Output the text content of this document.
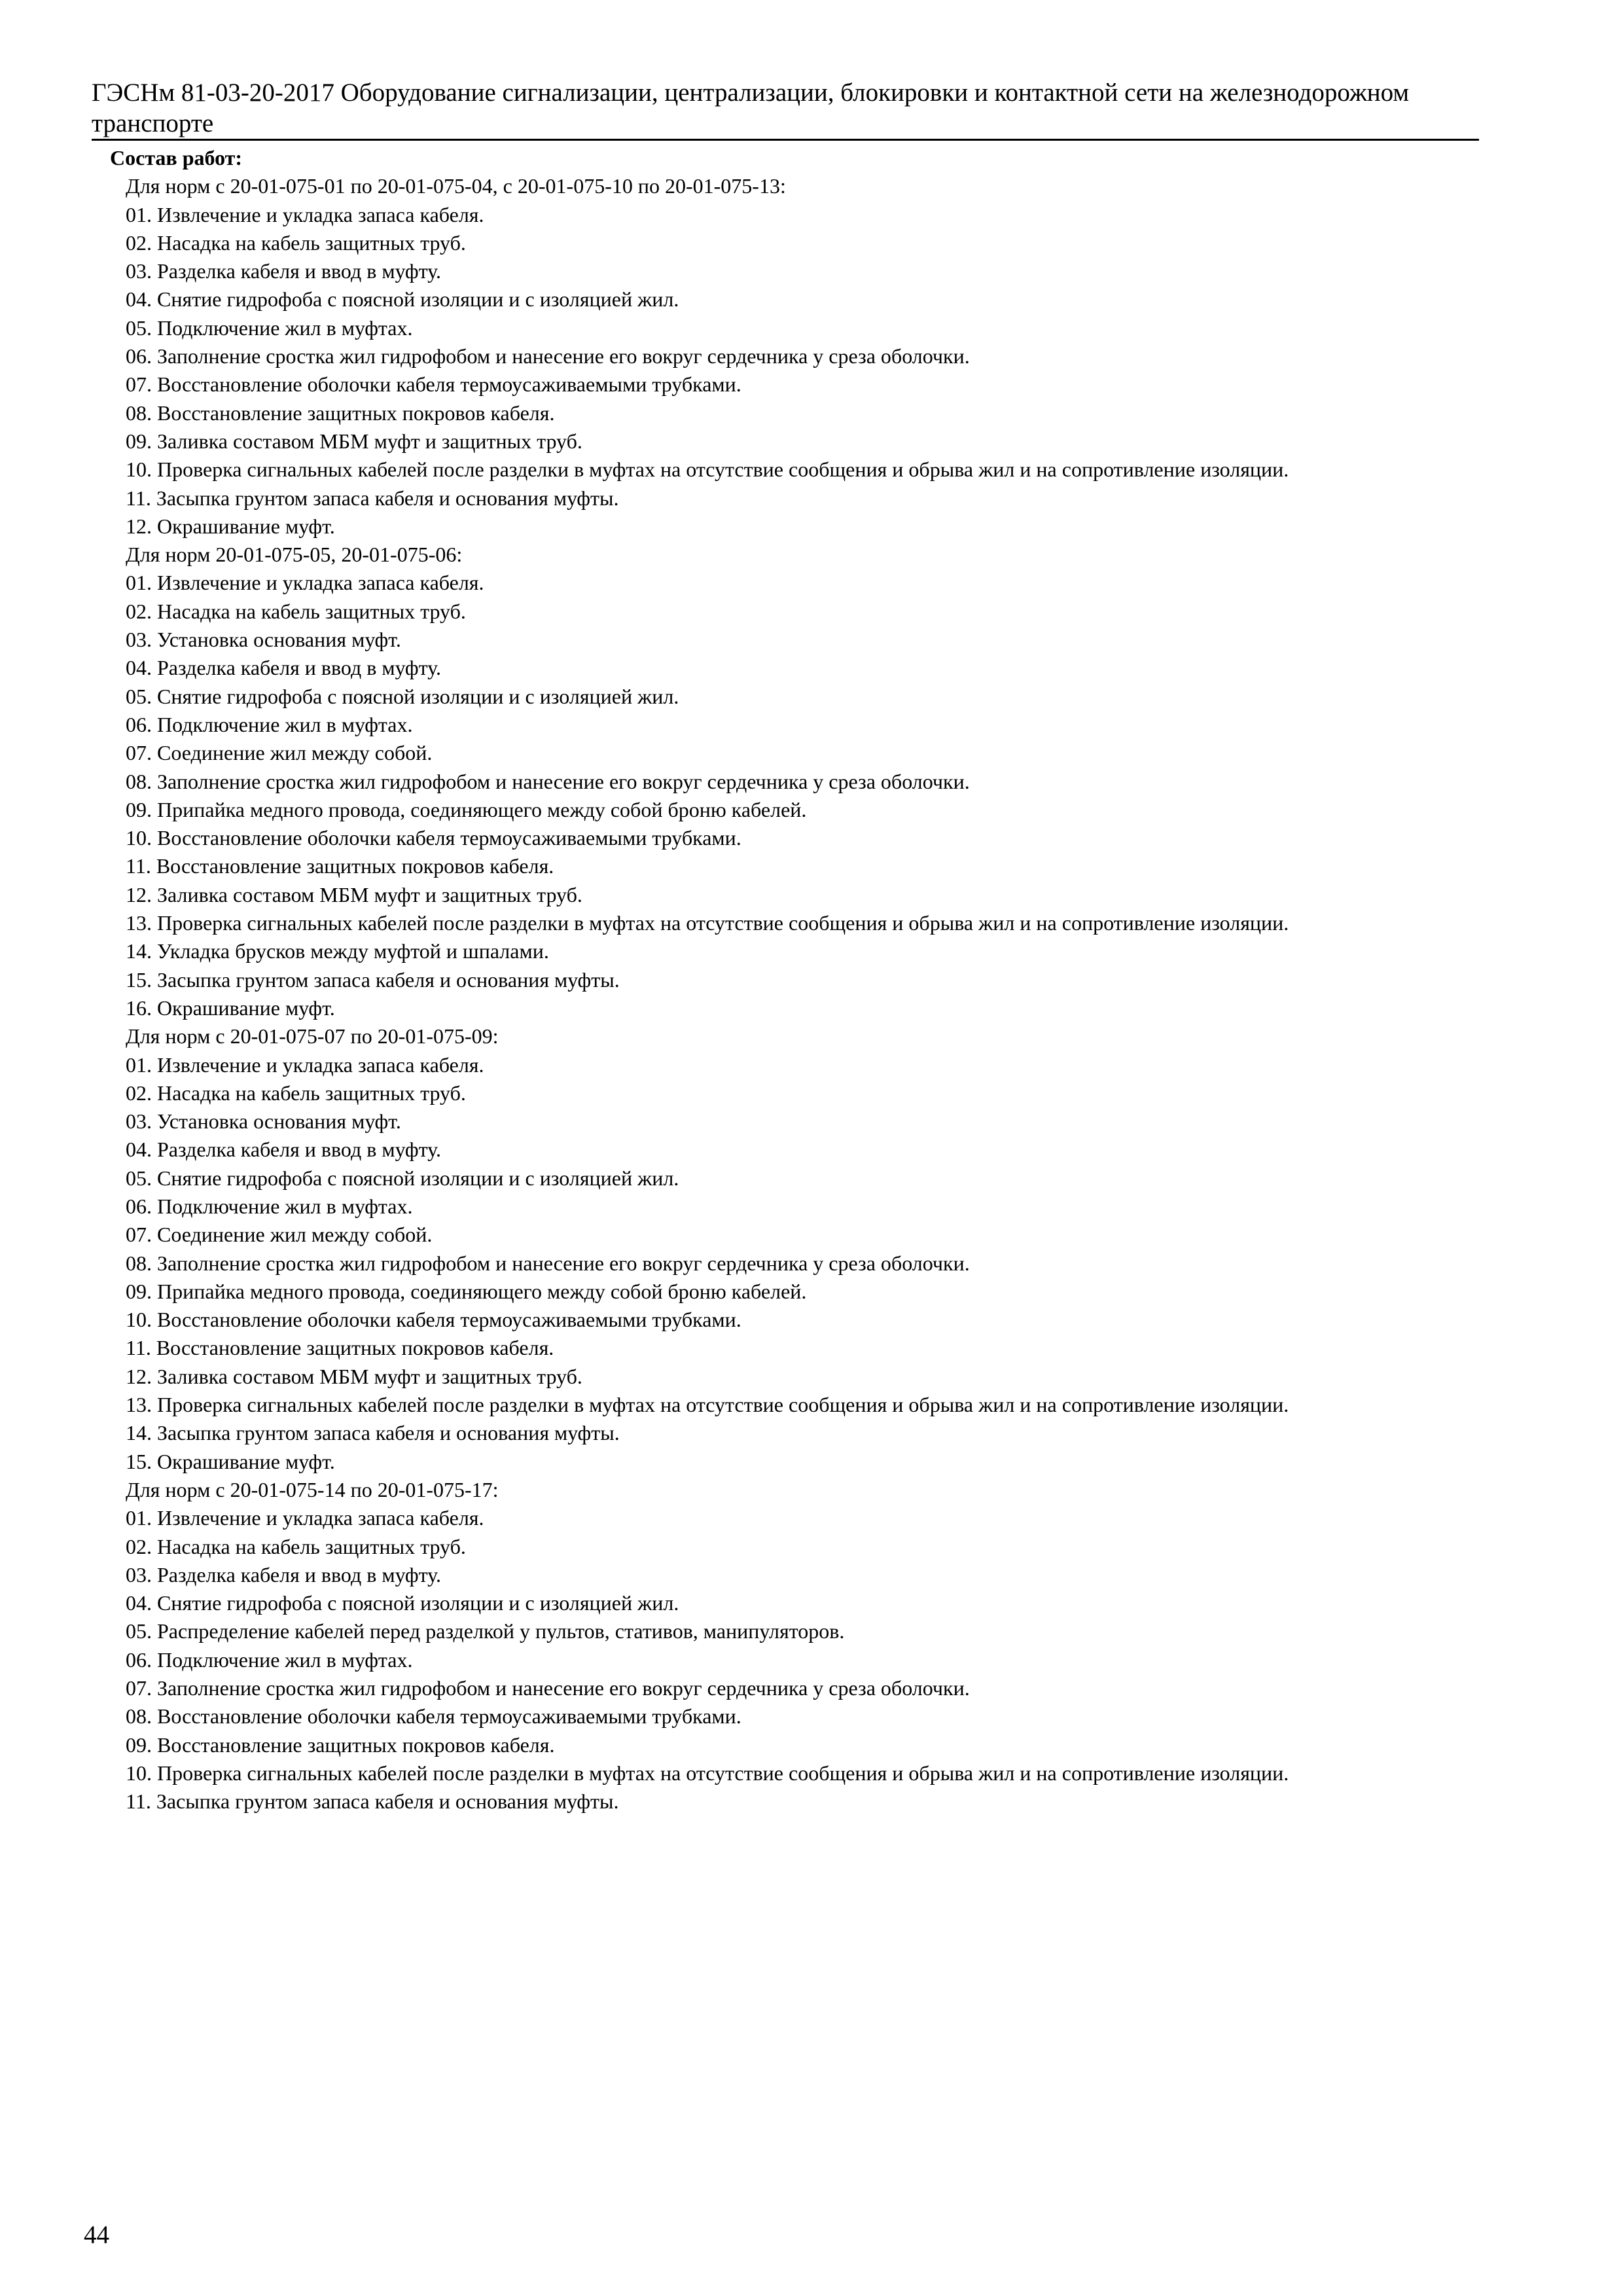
ГЭСНм 81-03-20-2017 Оборудование сигнализации, централизации, блокировки и контактной сети на железнодорожном транспорте
Состав работ:
Для норм с 20-01-075-01 по 20-01-075-04, с 20-01-075-10 по 20-01-075-13:
01. Извлечение и укладка запаса кабеля.
02. Насадка на кабель защитных труб.
03. Разделка кабеля и ввод в муфту.
04. Снятие гидрофоба с поясной изоляции и с изоляцией жил.
05. Подключение жил в муфтах.
06. Заполнение сростка жил гидрофобом и нанесение его вокруг сердечника у среза оболочки.
07. Восстановление оболочки кабеля термоусаживаемыми трубками.
08. Восстановление защитных покровов кабеля.
09. Заливка составом МБМ муфт и защитных труб.
10. Проверка сигнальных кабелей после разделки в муфтах на отсутствие сообщения и обрыва жил и на сопротивление изоляции.
11. Засыпка грунтом запаса кабеля и основания муфты.
12. Окрашивание муфт.
Для норм 20-01-075-05, 20-01-075-06:
01. Извлечение и укладка запаса кабеля.
02. Насадка на кабель защитных труб.
03. Установка основания муфт.
04. Разделка кабеля и ввод в муфту.
05. Снятие гидрофоба с поясной изоляции и с изоляцией жил.
06. Подключение жил в муфтах.
07. Соединение жил между собой.
08. Заполнение сростка жил гидрофобом и нанесение его вокруг сердечника у среза оболочки.
09. Припайка медного провода, соединяющего между собой броню кабелей.
10. Восстановление оболочки кабеля термоусаживаемыми трубками.
11. Восстановление защитных покровов кабеля.
12. Заливка составом МБМ муфт и защитных труб.
13. Проверка сигнальных кабелей после разделки в муфтах на отсутствие сообщения и обрыва жил и на сопротивление изоляции.
14. Укладка брусков между муфтой и шпалами.
15. Засыпка грунтом запаса кабеля и основания муфты.
16. Окрашивание муфт.
Для норм с 20-01-075-07 по 20-01-075-09:
01. Извлечение и укладка запаса кабеля.
02. Насадка на кабель защитных труб.
03. Установка основания муфт.
04. Разделка кабеля и ввод в муфту.
05. Снятие гидрофоба с поясной изоляции и с изоляцией жил.
06. Подключение жил в муфтах.
07. Соединение жил между собой.
08. Заполнение сростка жил гидрофобом и нанесение его вокруг сердечника у среза оболочки.
09. Припайка медного провода, соединяющего между собой броню кабелей.
10. Восстановление оболочки кабеля термоусаживаемыми трубками.
11. Восстановление защитных покровов кабеля.
12. Заливка составом МБМ муфт и защитных труб.
13. Проверка сигнальных кабелей после разделки в муфтах на отсутствие сообщения и обрыва жил и на сопротивление изоляции.
14. Засыпка грунтом запаса кабеля и основания муфты.
15. Окрашивание муфт.
Для норм с 20-01-075-14 по 20-01-075-17:
01. Извлечение и укладка запаса кабеля.
02. Насадка на кабель защитных труб.
03. Разделка кабеля и ввод в муфту.
04. Снятие гидрофоба с поясной изоляции и с изоляцией жил.
05. Распределение кабелей перед разделкой у пультов, стативов, манипуляторов.
06. Подключение жил в муфтах.
07. Заполнение сростка жил гидрофобом и нанесение его вокруг сердечника у среза оболочки.
08. Восстановление оболочки кабеля термоусаживаемыми трубками.
09. Восстановление защитных покровов кабеля.
10. Проверка сигнальных кабелей после разделки в муфтах на отсутствие сообщения и обрыва жил и на сопротивление изоляции.
11. Засыпка грунтом запаса кабеля и основания муфты.
44
